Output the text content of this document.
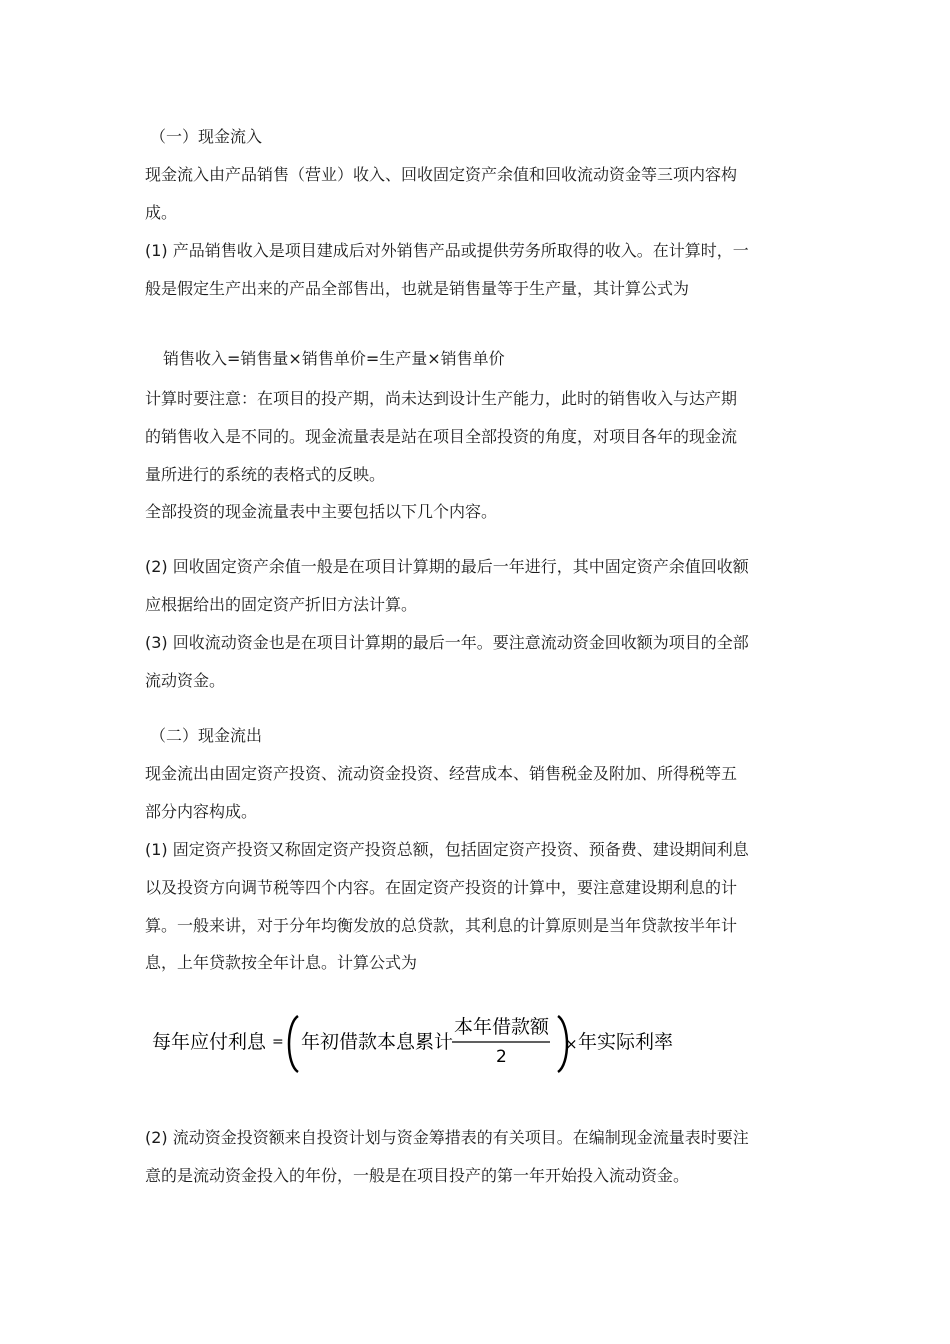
（一）现金流入
现金流入由产品销售（营业）收入、回收固定资产余值和回收流动资金等三项内容构
成。
(1) 产品销售收入是项目建成后对外销售产品或提供劳务所取得的收入。在计算时，一
般是假定生产出来的产品全部售出，也就是销售量等于生产量，其计算公式为
销售收入=销售量×销售单价=生产量×销售单价
计算时要注意：在项目的投产期，尚未达到设计生产能力，此时的销售收入与达产期
的销售收入是不同的。现金流量表是站在项目全部投资的角度，对项目各年的现金流
量所进行的系统的表格式的反映。
全部投资的现金流量表中主要包括以下几个内容。
(2) 回收固定资产余值一般是在项目计算期的最后一年进行，其中固定资产余值回收额
应根据给出的固定资产折旧方法计算。
(3) 回收流动资金也是在项目计算期的最后一年。要注意流动资金回收额为项目的全部
流动资金。
（二）现金流出
现金流出由固定资产投资、流动资金投资、经营成本、销售税金及附加、所得税等五
部分内容构成。
(1) 固定资产投资又称固定资产投资总额，包括固定资产投资、预备费、建设期间利息
以及投资方向调节税等四个内容。在固定资产投资的计算中，要注意建设期利息的计
算。一般来讲，对于分年均衡发放的总贷款，其利息的计算原则是当年贷款按半年计
息，上年贷款按全年计息。计算公式为
每年应付利息 = 年初借款本息累计
本年借款额
2
× 年实际利率
(2) 流动资金投资额来自投资计划与资金筹措表的有关项目。在编制现金流量表时要注
意的是流动资金投入的年份，一般是在项目投产的第一年开始投入流动资金。
